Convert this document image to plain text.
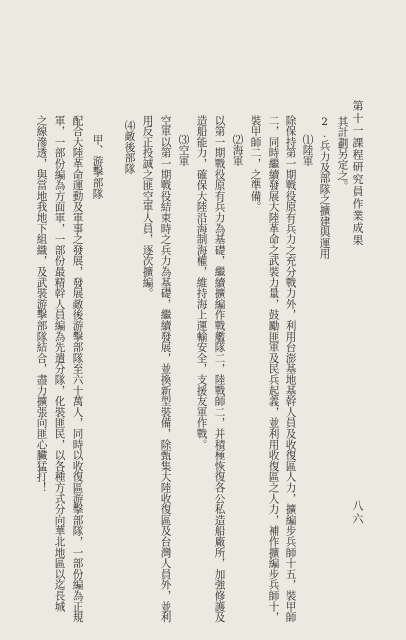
第十一課程研究員作業成果
八六
其計劃另定之。
2.兵力及部隊之擴建與運用
⑴陸軍
除保持第一期戰役原有兵力之充分戰力外，利用台澎基地基幹人員及收復區人力，擴編步兵師十五，裝甲師
二，同時繼續發展大陸革命之武裝力量，鼓勵匪軍及民兵起義，並利用收復區之人力，補作擴編步兵師十，
裝甲師二，之準備。
⑵海軍
以第一期戰役原有兵力為基礎，繼續擴編作戰艦隊二，陸戰師二，并積極恢復各公私造船廠所，加強修護及
造船能力，確保大陸沿海制海權，維持海上運輸安全，支援友軍作戰。
⑶空軍
空軍以第一期戰役結束時之兵力為基礎，繼續發展，並換新型裝備，除甄集大陸收復區及台灣人員外，並利
用反正投誠之匪空軍人員，逐次擴編。
⑷敵後部隊
甲、游擊部隊
配合大陸革命運動及軍事之發展，發展敵後游擊部隊至六十萬人，同時以收復區游擊部隊，一部份編為正規
軍，一部份編為方面軍，一部份最精幹人員編為先遣分隊，化裝匪民，以各種方式分向華北地區以迄長城
之線滲透，與當地我地下組織，及武裝游擊部隊結合，盡力擴張向匪心臟猛打！
